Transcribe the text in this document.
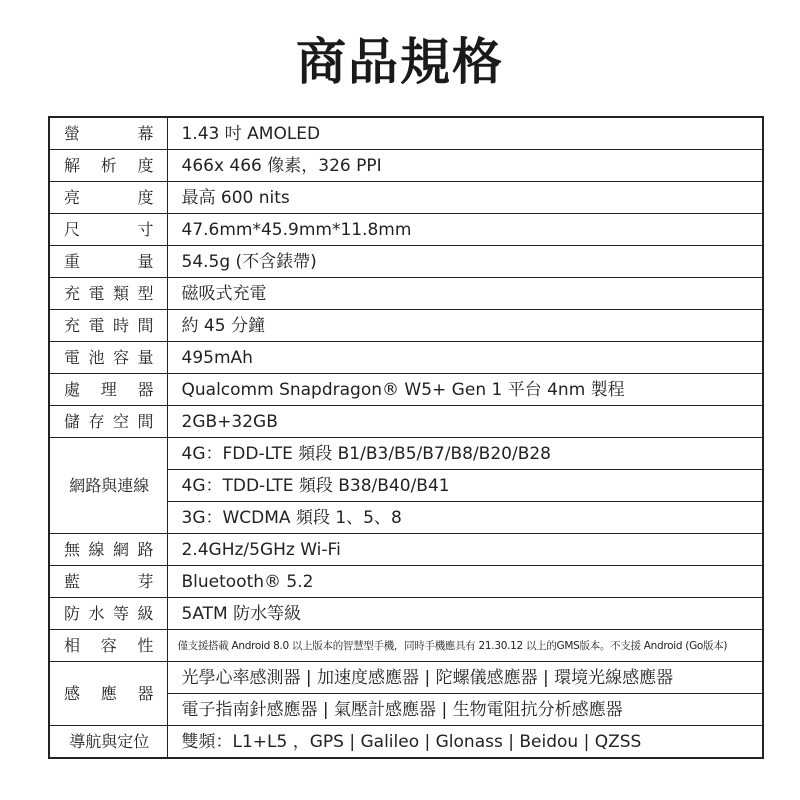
商品規格
螢幕	1.43 吋 AMOLED
解析度	466x 466 像素，326 PPI
亮度	最高 600 nits
尺寸	47.6mm*45.9mm*11.8mm
重量	54.5g (不含錶帶)
充電類型	磁吸式充電
充電時間	約 45 分鐘
電池容量	495mAh
處理器	Qualcomm Snapdragon® W5+ Gen 1 平台 4nm 製程
儲存空間	2GB+32GB
網路與連線	4G：FDD-LTE 頻段 B1/B3/B5/B7/B8/B20/B28
	4G：TDD-LTE 頻段 B38/B40/B41
	3G：WCDMA 頻段 1、5、8
無線網路	2.4GHz/5GHz Wi-Fi
藍芽	Bluetooth® 5.2
防水等級	5ATM 防水等級
相容性	僅支援搭載 Android 8.0 以上版本的智慧型手機，同時手機應具有 21.30.12 以上的GMS版本。不支援 Android (Go版本)
感應器	光學心率感測器 | 加速度感應器 | 陀螺儀感應器 | 環境光線感應器
	電子指南針感應器 | 氣壓計感應器 | 生物電阻抗分析感應器
導航與定位	雙頻：L1+L5 ，GPS | Galileo | Glonass | Beidou | QZSS
